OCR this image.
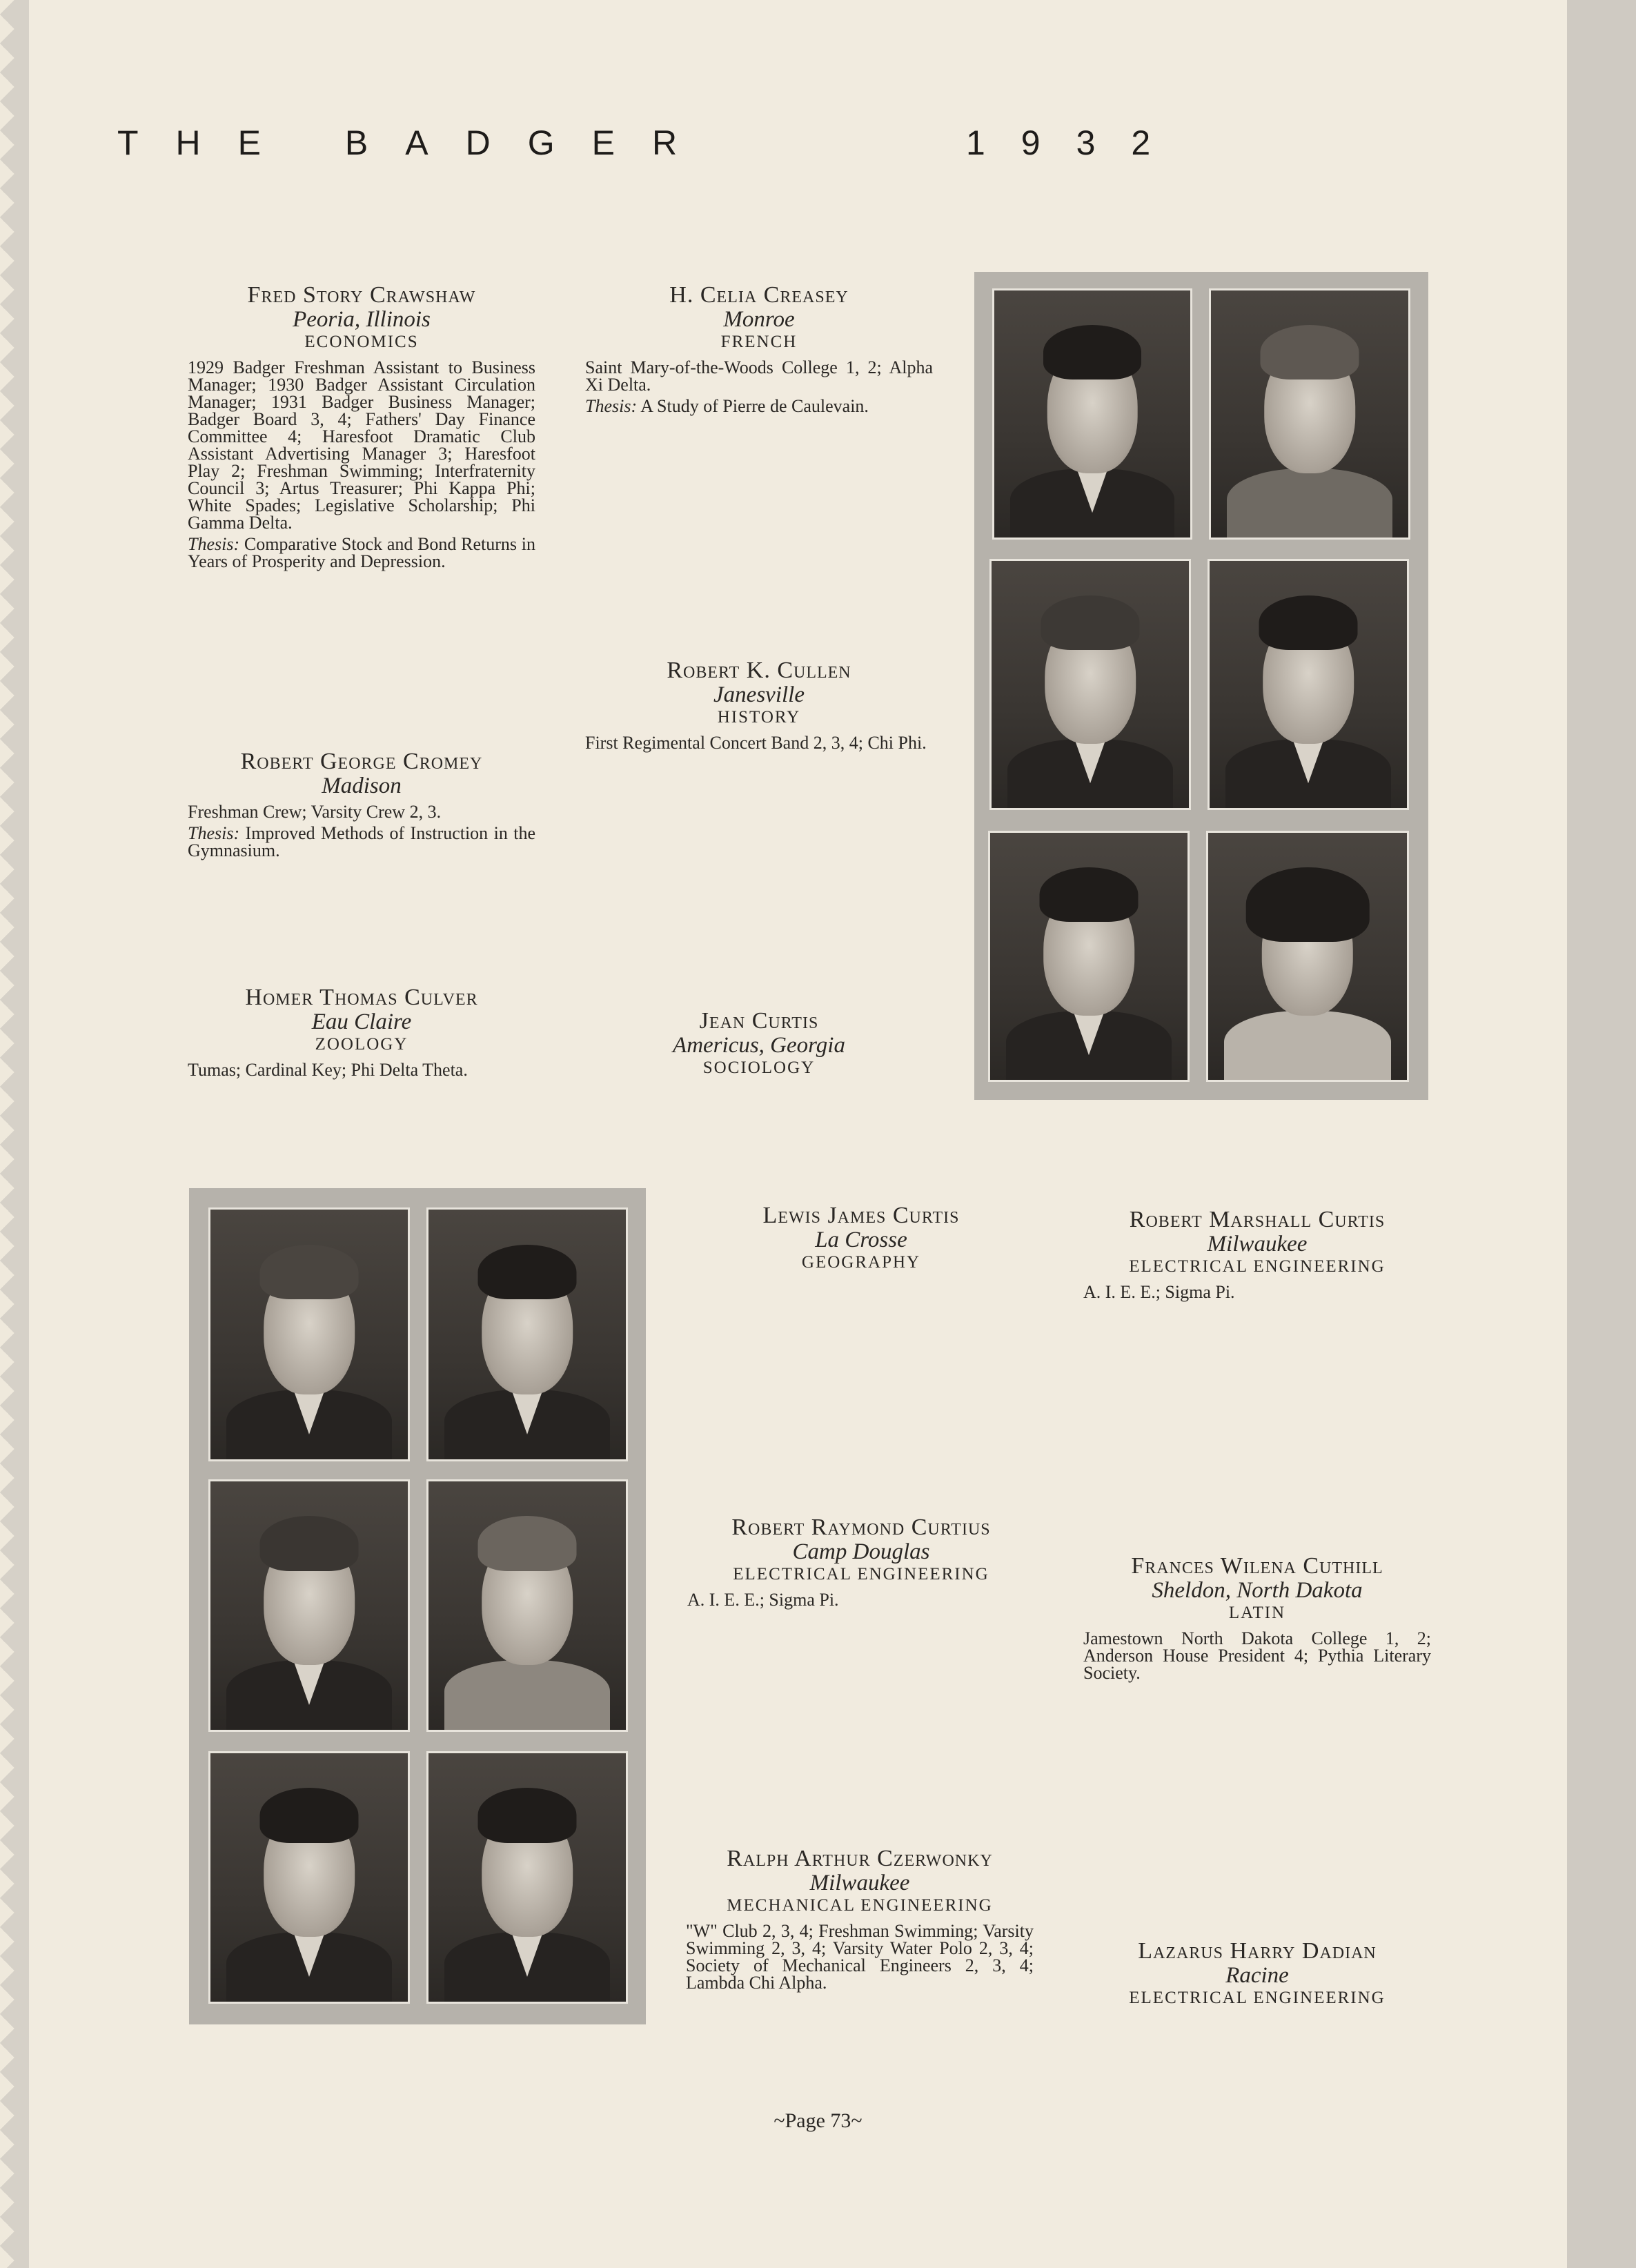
THE BADGER	1932
Fred Story Crawshaw
Peoria, Illinois
ECONOMICS
1929 Badger Freshman Assistant to Business Manager; 1930 Badger Assistant Circulation Manager; 1931 Badger Business Manager; Badger Board 3, 4; Fathers' Day Finance Committee 4; Haresfoot Dramatic Club Assistant Advertising Manager 3; Haresfoot Play 2; Freshman Swimming; Interfraternity Council 3; Artus Treasurer; Phi Kappa Phi; White Spades; Legislative Scholarship; Phi Gamma Delta.
Thesis: Comparative Stock and Bond Returns in Years of Prosperity and Depression.
H. Celia Creasey
Monroe
FRENCH
Saint Mary-of-the-Woods College 1, 2; Alpha Xi Delta.
Thesis: A Study of Pierre de Caulevain.
Robert K. Cullen
Janesville
HISTORY
First Regimental Concert Band 2, 3, 4; Chi Phi.
Robert George Cromey
Madison
Freshman Crew; Varsity Crew 2, 3.
Thesis: Improved Methods of Instruction in the Gymnasium.
Homer Thomas Culver
Eau Claire
ZOOLOGY
Tumas; Cardinal Key; Phi Delta Theta.
Jean Curtis
Americus, Georgia
SOCIOLOGY
Lewis James Curtis
La Crosse
GEOGRAPHY
Robert Marshall Curtis
Milwaukee
ELECTRICAL ENGINEERING
A. I. E. E.; Sigma Pi.
Robert Raymond Curtius
Camp Douglas
ELECTRICAL ENGINEERING
A. I. E. E.; Sigma Pi.
Frances Wilena Cuthill
Sheldon, North Dakota
LATIN
Jamestown North Dakota College 1, 2; Anderson House President 4; Pythia Literary Society.
Ralph Arthur Czerwonky
Milwaukee
MECHANICAL ENGINEERING
"W" Club 2, 3, 4; Freshman Swimming; Varsity Swimming 2, 3, 4; Varsity Water Polo 2, 3, 4; Society of Mechanical Engineers 2, 3, 4; Lambda Chi Alpha.
Lazarus Harry Dadian
Racine
ELECTRICAL ENGINEERING
~Page 73~
